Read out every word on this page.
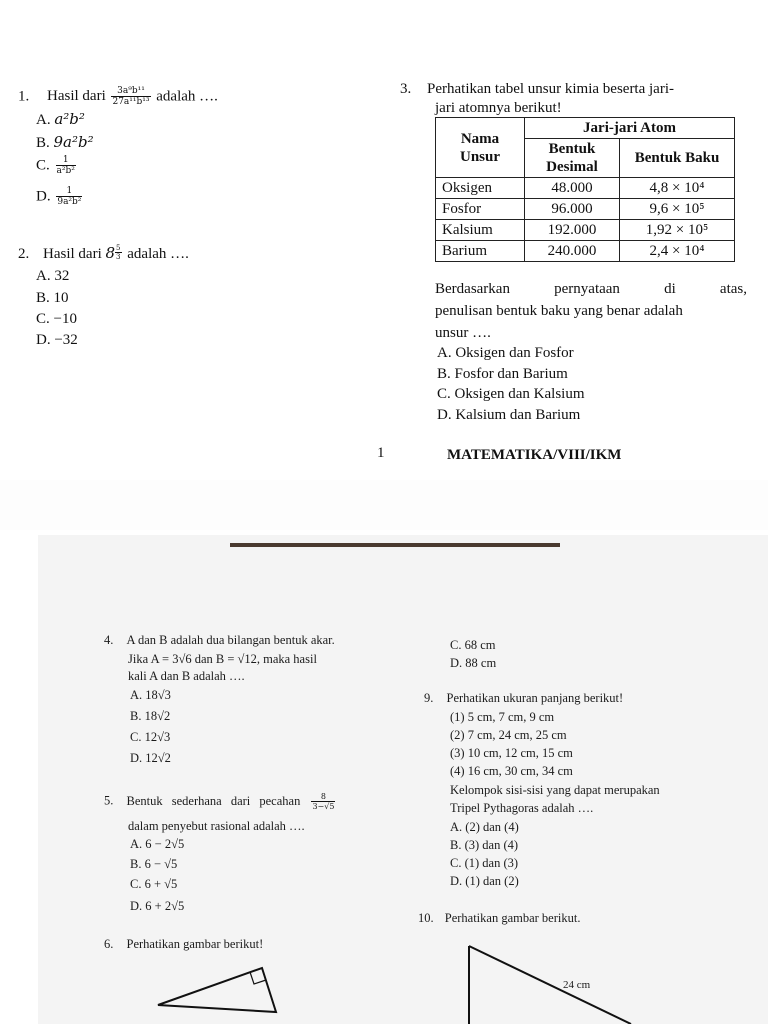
1. Hasil dari $\frac{\text{3a⁹b¹¹}}{\text{27a¹¹b¹³}}$ adalah ….
A. a²b²
B. 9a²b²
C. $\frac{1}{\text{a²b²}}$
D. $\frac{1}{\text{9a²b²}}$
2. Hasil dari $8 \frac{5}{3}$ adalah ….
A. 32
B. 10
C. −10
D. −32
3. Perhatikan tabel unsur kimia beserta jari-
jari atomnya berikut!
Nama Unsur	Jari-jari Atom	
	Bentuk Desimal	Bentuk Baku
Oksigen	48.000	4,8 × 10⁴
Fosfor	96.000	9,6 × 10⁵
Kalsium	192.000	1,92 × 10⁵
Barium	240.000	2,4 × 10⁴
Berdasarkan pernyataan di atas,
penulisan bentuk baku yang benar adalah
unsur ….
A. Oksigen dan Fosfor
B. Fosfor dan Barium
C. Oksigen dan Kalsium
D. Kalsium dan Barium
1	MATEMATIKA/VIII/IKM
4. A dan B adalah dua bilangan bentuk akar.
Jika A = 3√6 dan B = √12, maka hasil
kali A dan B adalah ….
A. 18√3
B. 18√2
C. 12√3
D. 12√2
5. Bentuk sederhana dari pecahan $\frac{8}{3-√5}$
dalam penyebut rasional adalah ….
A. 6 − 2√5
B. 6 − √5
C. 6 + √5
D. 6 + 2√5
6. Perhatikan gambar berikut!
C. 68 cm
D. 88 cm
9. Perhatikan ukuran panjang berikut!
(1) 5 cm, 7 cm, 9 cm
(2) 7 cm, 24 cm, 25 cm
(3) 10 cm, 12 cm, 15 cm
(4) 16 cm, 30 cm, 34 cm
Kelompok sisi-sisi yang dapat merupakan
Tripel Pythagoras adalah ….
A. (2) dan (4)
B. (3) dan (4)
C. (1) dan (3)
D. (1) dan (2)
10. Perhatikan gambar berikut.
24 cm
